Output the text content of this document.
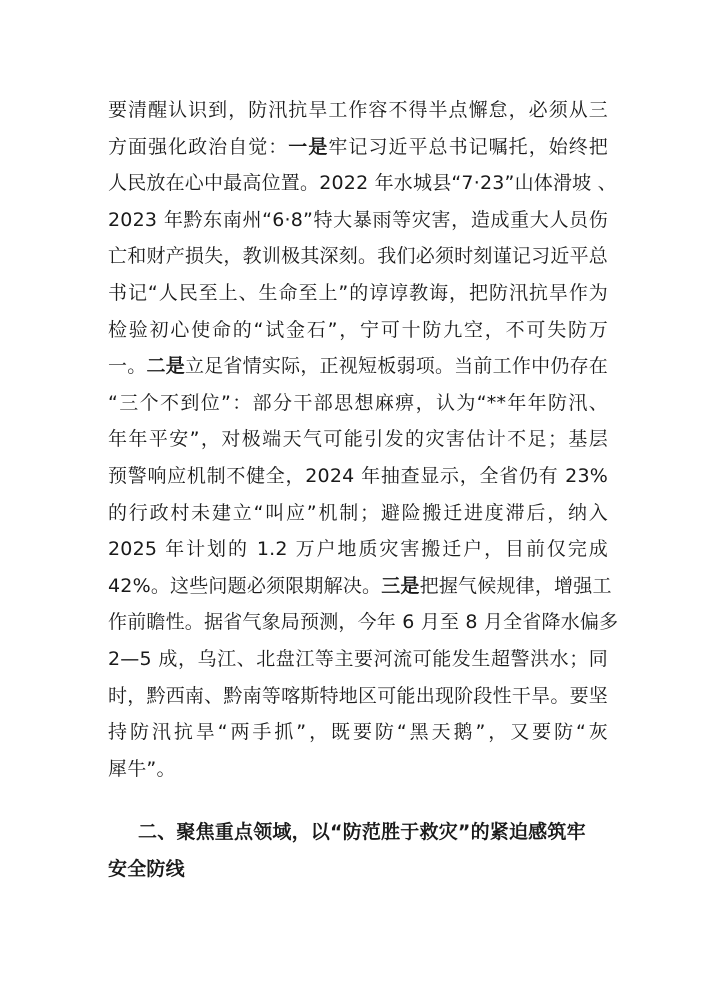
要清醒认识到，防汛抗旱工作容不得半点懈怠，必须从三
方面强化政治自觉：一是牢记习近平总书记嘱托，始终把
人民放在心中最高位置。2022 年水城县“7·23”山体滑坡 、
2023 年黔东南州“6·8”特大暴雨等灾害，造成重大人员伤
亡和财产损失，教训极其深刻。我们必须时刻谨记习近平总
书记“人民至上、生命至上”的谆谆教诲，把防汛抗旱作为
检验初心使命的“试金石”，宁可十防九空，不可失防万
一。二是立足省情实际，正视短板弱项。当前工作中仍存在
“三个不到位”：部分干部思想麻痹，认为“**年年防汛、
年年平安”，对极端天气可能引发的灾害估计不足；基层
预警响应机制不健全，2024 年抽查显示，全省仍有 23%
的行政村未建立“叫应”机制；避险搬迁进度滞后，纳入
2025 年计划的 1.2 万户地质灾害搬迁户，目前仅完成
42%。这些问题必须限期解决。三是把握气候规律，增强工
作前瞻性。据省气象局预测，今年 6 月至 8 月全省降水偏多
2—5 成，乌江、北盘江等主要河流可能发生超警洪水；同
时，黔西南、黔南等喀斯特地区可能出现阶段性干旱。要坚
持防汛抗旱“两手抓”，既要防“黑天鹅”，又要防“灰
犀牛”。
二、聚焦重点领域，以“防范胜于救灾”的紧迫感筑牢
安全防线
